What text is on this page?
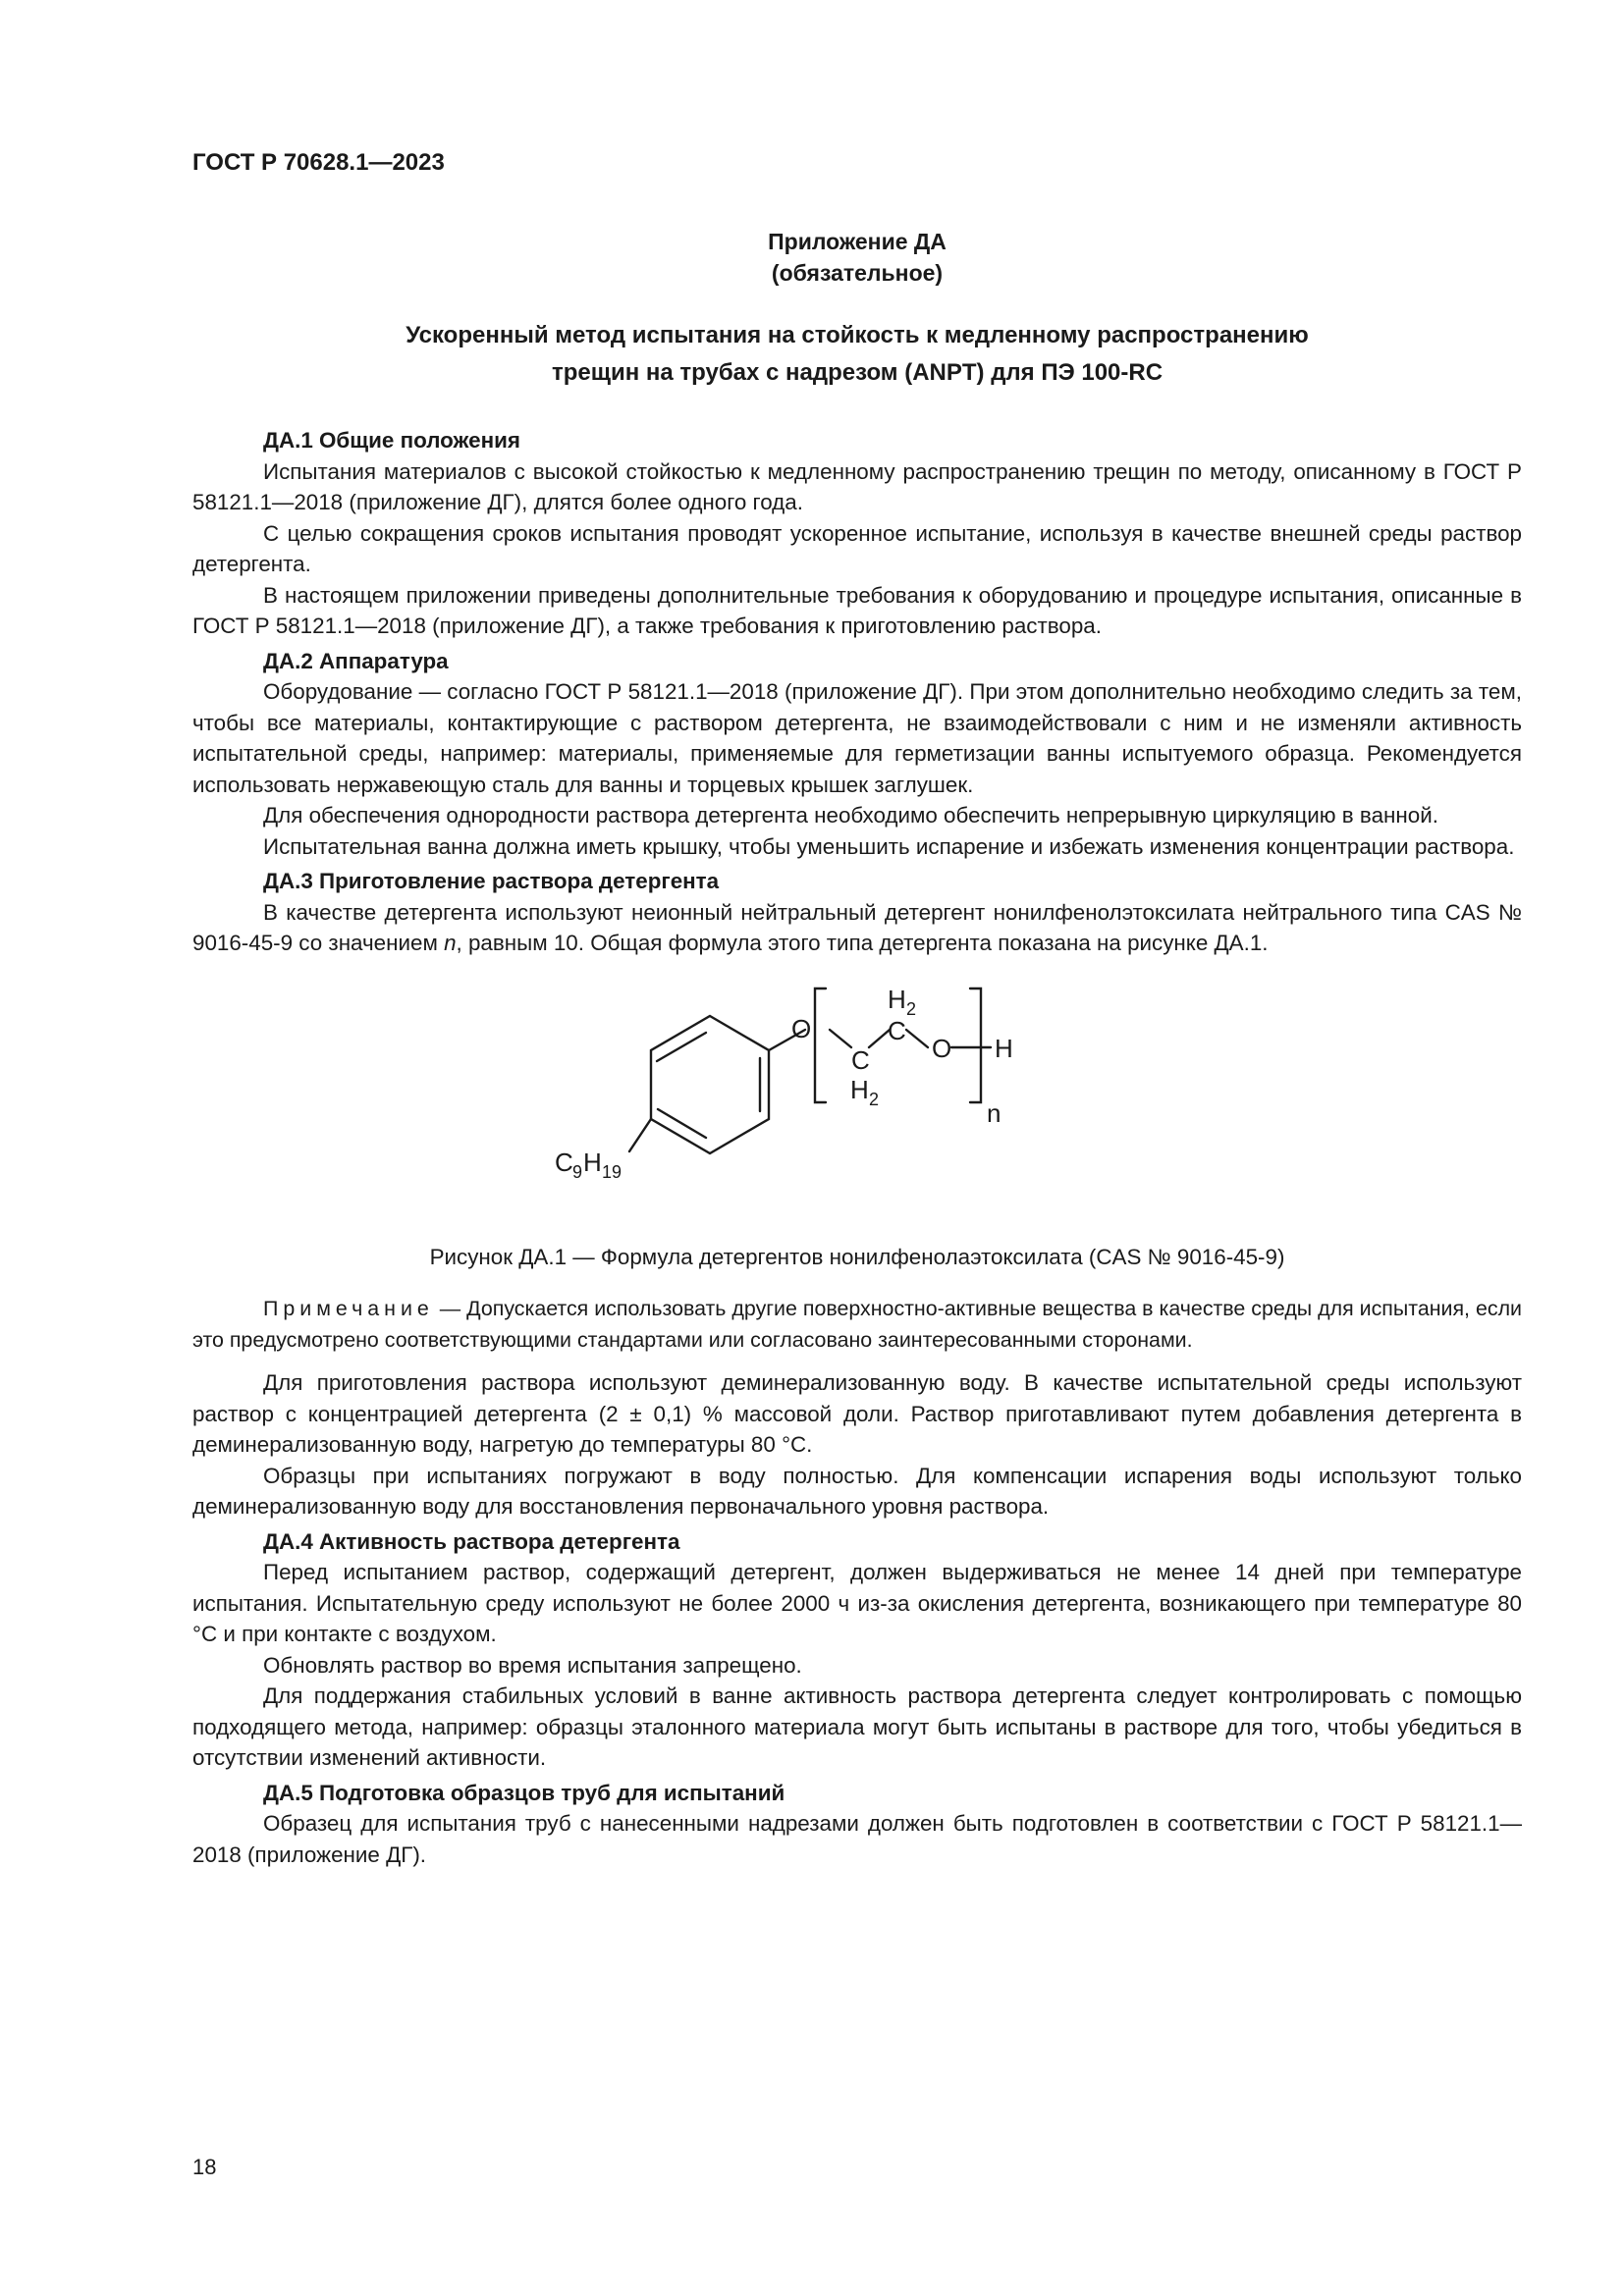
ГОСТ Р 70628.1—2023
Приложение ДА
(обязательное)
Ускоренный метод испытания на стойкость к медленному распространению
трещин на трубах с надрезом (ANPT) для ПЭ 100-RC
ДА.1 Общие положения

Испытания материалов с высокой стойкостью к медленному распространению трещин по методу, описанному в ГОСТ Р 58121.1—2018 (приложение ДГ), длятся более одного года.

С целью сокращения сроков испытания проводят ускоренное испытание, используя в качестве внешней среды раствор детергента.

В настоящем приложении приведены дополнительные требования к оборудованию и процедуре испытания, описанные в ГОСТ Р 58121.1—2018 (приложение ДГ), а также требования к приготовлению раствора.

ДА.2 Аппаратура

Оборудование — согласно ГОСТ Р 58121.1—2018 (приложение ДГ). При этом дополнительно необходимо следить за тем, чтобы все материалы, контактирующие с раствором детергента, не взаимодействовали с ним и не изменяли активность испытательной среды, например: материалы, применяемые для герметизации ванны испытуемого образца. Рекомендуется использовать нержавеющую сталь для ванны и торцевых крышек заглушек.

Для обеспечения однородности раствора детергента необходимо обеспечить непрерывную циркуляцию в ванной.

Испытательная ванна должна иметь крышку, чтобы уменьшить испарение и избежать изменения концентрации раствора.

ДА.3 Приготовление раствора детергента

В качестве детергента используют неионный нейтральный детергент нонилфенолэтоксилата нейтрального типа CAS № 9016-45-9 со значением n, равным 10. Общая формула этого типа детергента показана на рисунке ДА.1.

O
C
H 2
C
H 2
O H
n
C 9 H 19
Рисунок ДА.1 — Формула детергентов нонилфенолаэтоксилата (CAS № 9016-45-9)

Примечание — Допускается использовать другие поверхностно-активные вещества в качестве среды для испытания, если это предусмотрено соответствующими стандартами или согласовано заинтересованными сторонами.

Для приготовления раствора используют деминерализованную воду. В качестве испытательной среды используют раствор с концентрацией детергента (2 ± 0,1) % массовой доли. Раствор приготавливают путем добавления детергента в деминерализованную воду, нагретую до температуры 80 °С.

Образцы при испытаниях погружают в воду полностью. Для компенсации испарения воды используют только деминерализованную воду для восстановления первоначального уровня раствора.

ДА.4 Активность раствора детергента

Перед испытанием раствор, содержащий детергент, должен выдерживаться не менее 14 дней при температуре испытания. Испытательную среду используют не более 2000 ч из-за окисления детергента, возникающего при температуре 80 °С и при контакте с воздухом.

Обновлять раствор во время испытания запрещено.

Для поддержания стабильных условий в ванне активность раствора детергента следует контролировать с помощью подходящего метода, например: образцы эталонного материала могут быть испытаны в растворе для того, чтобы убедиться в отсутствии изменений активности.

ДА.5 Подготовка образцов труб для испытаний

Образец для испытания труб с нанесенными надрезами должен быть подготовлен в соответствии с ГОСТ Р 58121.1—2018 (приложение ДГ).

18
